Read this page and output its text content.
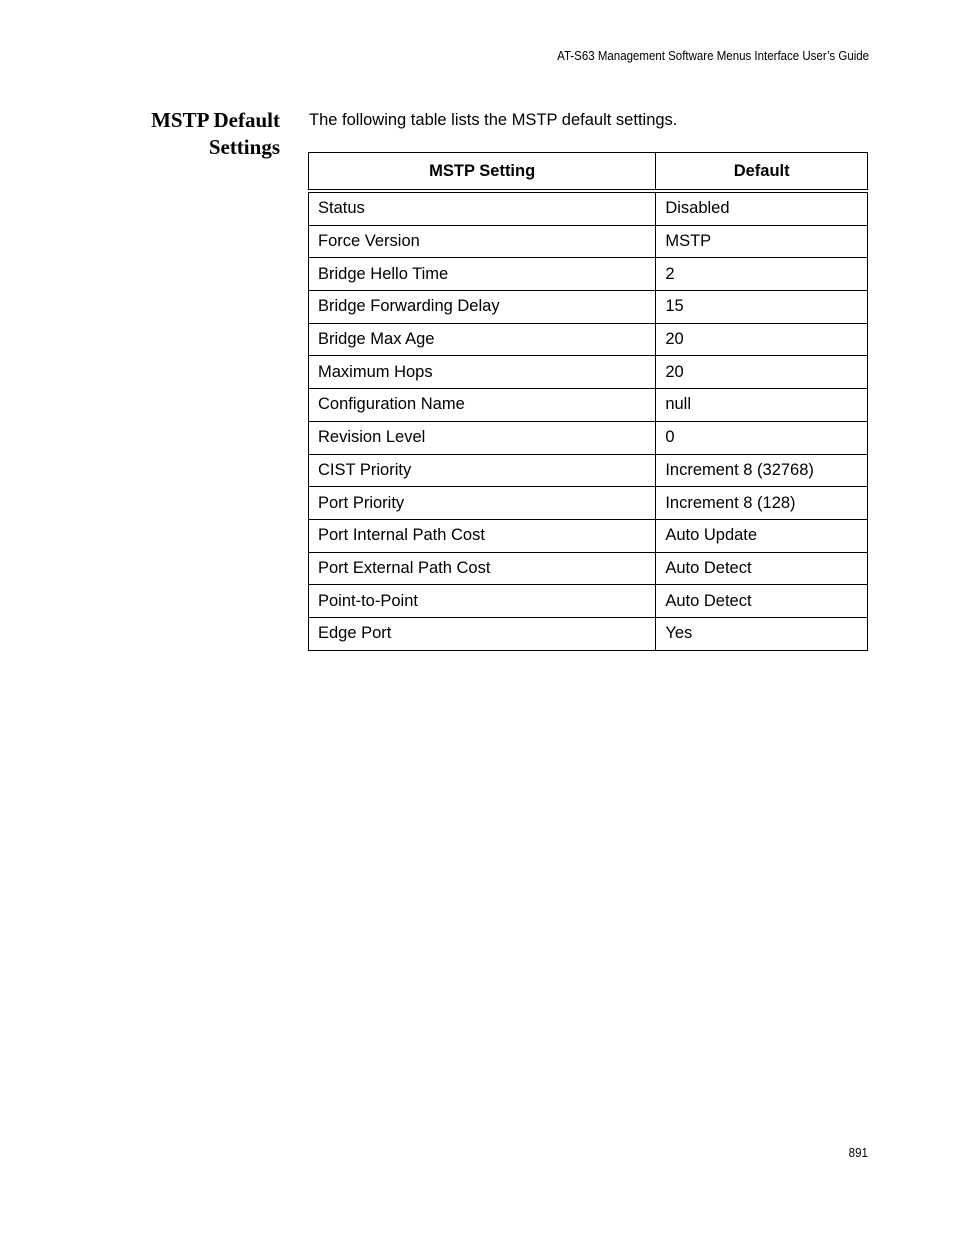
AT-S63 Management Software Menus Interface User’s Guide
MSTP Default
Settings
The following table lists the MSTP default settings.
MSTP Setting	Default
Status	Disabled
Force Version	MSTP
Bridge Hello Time	2
Bridge Forwarding Delay	15
Bridge Max Age	20
Maximum Hops	20
Configuration Name	null
Revision Level	0
CIST Priority	Increment 8 (32768)
Port Priority	Increment 8 (128)
Port Internal Path Cost	Auto Update
Port External Path Cost	Auto Detect
Point-to-Point	Auto Detect
Edge Port	Yes
891
